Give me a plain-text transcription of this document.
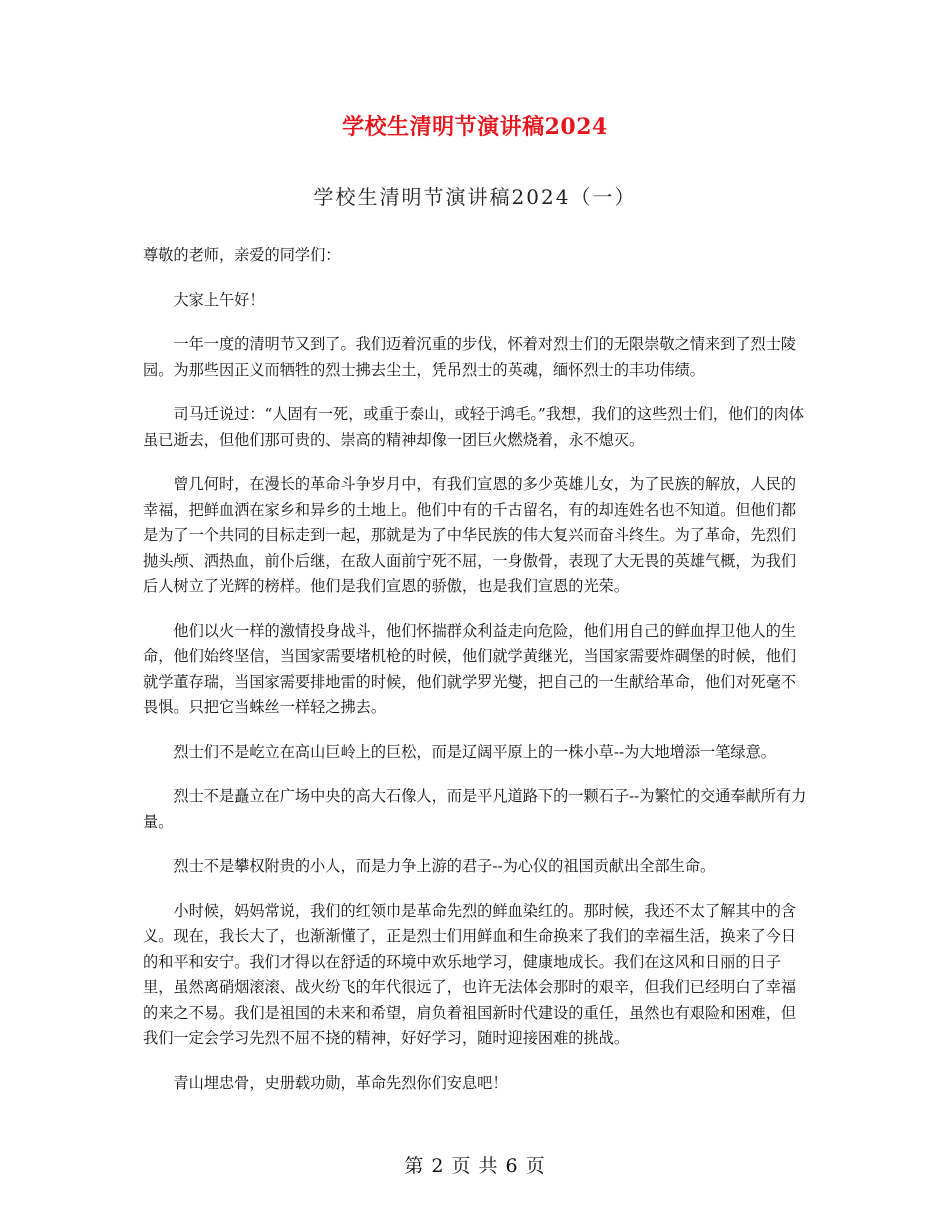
学校生清明节演讲稿2024
学校生清明节演讲稿2024（一）

尊敬的老师，亲爱的同学们：

大家上午好！

一年一度的清明节又到了。我们迈着沉重的步伐，怀着对烈士们的无限崇敬之情来到了烈士陵园。为那些因正义而牺牲的烈士拂去尘土，凭吊烈士的英魂，缅怀烈士的丰功伟绩。

司马迁说过：“人固有一死，或重于泰山，或轻于鸿毛。”我想，我们的这些烈士们，他们的肉体虽已逝去，但他们那可贵的、崇高的精神却像一团巨火燃烧着，永不熄灭。

曾几何时，在漫长的革命斗争岁月中，有我们宣恩的多少英雄儿女，为了民族的解放，人民的幸福，把鲜血洒在家乡和异乡的土地上。他们中有的千古留名，有的却连姓名也不知道。但他们都是为了一个共同的目标走到一起，那就是为了中华民族的伟大复兴而奋斗终生。为了革命，先烈们抛头颅、洒热血，前仆后继，在敌人面前宁死不屈，一身傲骨，表现了大无畏的英雄气概，为我们后人树立了光辉的榜样。他们是我们宣恩的骄傲，也是我们宣恩的光荣。

他们以火一样的激情投身战斗，他们怀揣群众利益走向危险，他们用自己的鲜血捍卫他人的生命，他们始终坚信，当国家需要堵机枪的时候，他们就学黄继光，当国家需要炸碉堡的时候，他们就学董存瑞，当国家需要排地雷的时候，他们就学罗光燮，把自己的一生献给革命，他们对死毫不畏惧。只把它当蛛丝一样轻之拂去。

烈士们不是屹立在高山巨岭上的巨松，而是辽阔平原上的一株小草--为大地增添一笔绿意。

烈士不是矗立在广场中央的高大石像人，而是平凡道路下的一颗石子--为繁忙的交通奉献所有力量。

烈士不是攀权附贵的小人，而是力争上游的君子--为心仪的祖国贡献出全部生命。

小时候，妈妈常说，我们的红领巾是革命先烈的鲜血染红的。那时候，我还不太了解其中的含义。现在，我长大了，也渐渐懂了，正是烈士们用鲜血和生命换来了我们的幸福生活，换来了今日的和平和安宁。我们才得以在舒适的环境中欢乐地学习，健康地成长。我们在这风和日丽的日子里，虽然离硝烟滚滚、战火纷飞的年代很远了，也许无法体会那时的艰辛，但我们已经明白了幸福的来之不易。我们是祖国的未来和希望，肩负着祖国新时代建设的重任，虽然也有艰险和困难，但我们一定会学习先烈不屈不挠的精神，好好学习，随时迎接困难的挑战。

青山埋忠骨，史册载功勋，革命先烈你们安息吧！

第 2 页 共 6 页
